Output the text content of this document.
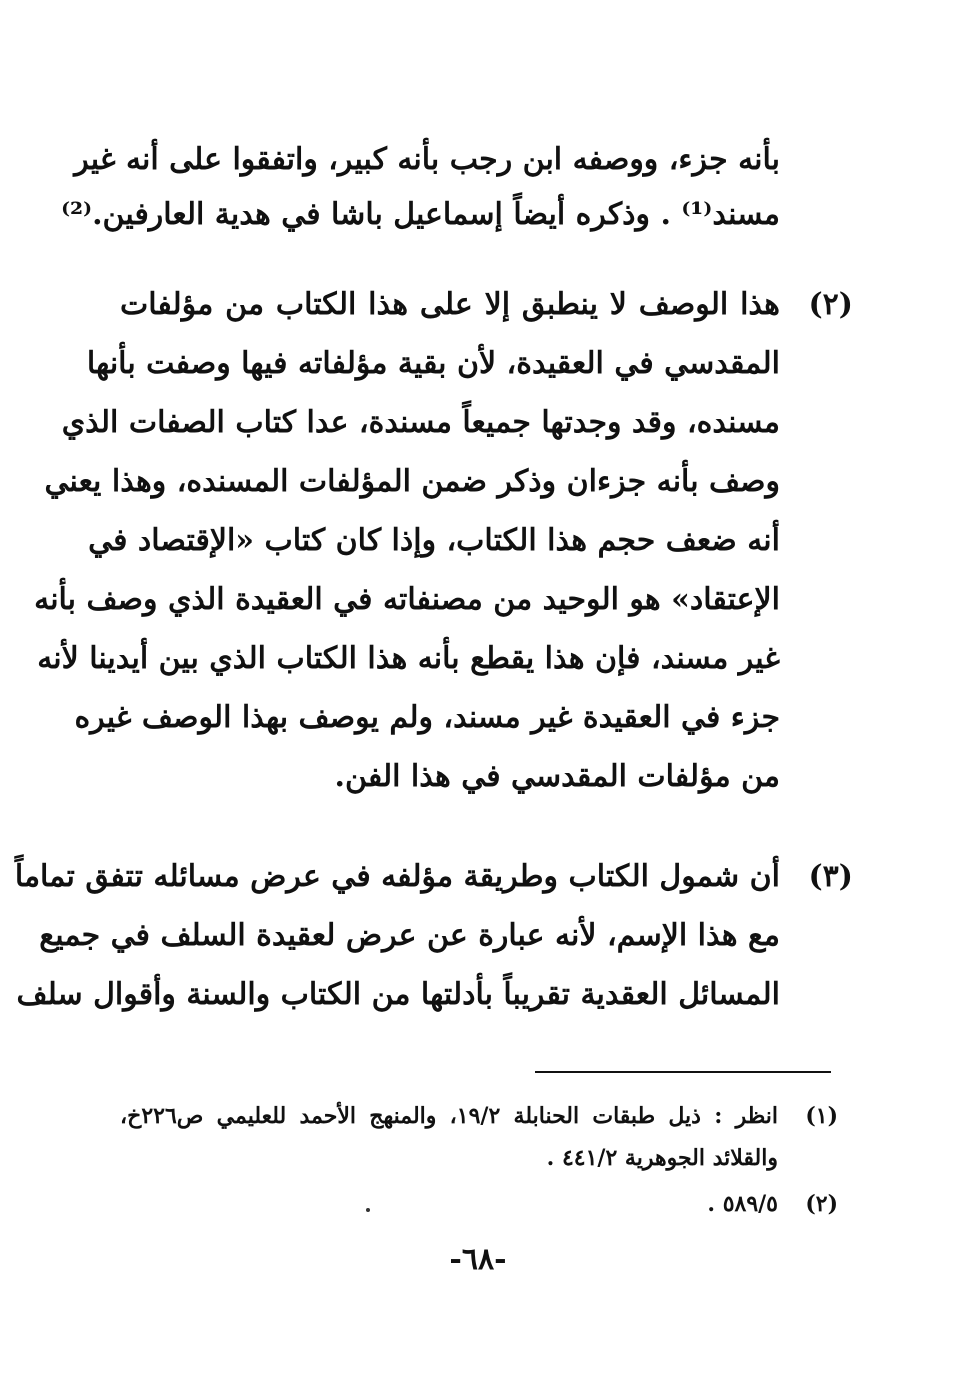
بأنه جزء، ووصفه ابن رجب بأنه كبير، واتفقوا على أنه غير
مسند⁽¹⁾ . وذكره أيضاً إسماعيل باشا في هدية العارفين.⁽²⁾
(٢)
هذا الوصف لا ينطبق إلا على هذا الكتاب من مؤلفات
المقدسي في العقيدة، لأن بقية مؤلفاته فيها وصفت بأنها
مسنده، وقد وجدتها جميعاً مسندة، عدا كتاب الصفات الذي
وصف بأنه جزءان وذكر ضمن المؤلفات المسنده، وهذا يعني
أنه ضعف حجم هذا الكتاب، وإذا كان كتاب «الإقتصاد في
الإعتقاد» هو الوحيد من مصنفاته في العقيدة الذي وصف بأنه
غير مسند، فإن هذا يقطع بأنه هذا الكتاب الذي بين أيدينا لأنه
جزء في العقيدة غير مسند، ولم يوصف بهذا الوصف غيره
من مؤلفات المقدسي في هذا الفن.
(٣)
أن شمول الكتاب وطريقة مؤلفه في عرض مسائله تتفق تماماً
مع هذا الإسم، لأنه عبارة عن عرض لعقيدة السلف في جميع
المسائل العقدية تقريباً بأدلتها من الكتاب والسنة وأقوال سلف
(١)
انظر : ذيل طبقات الحنابلة ١٩/٢، والمنهج الأحمد للعليمي ص٢٢٦خ،
والقلائد الجوهرية ٤٤١/٢ .
(٢)
٥٨٩/٥ .
-٦٨-
